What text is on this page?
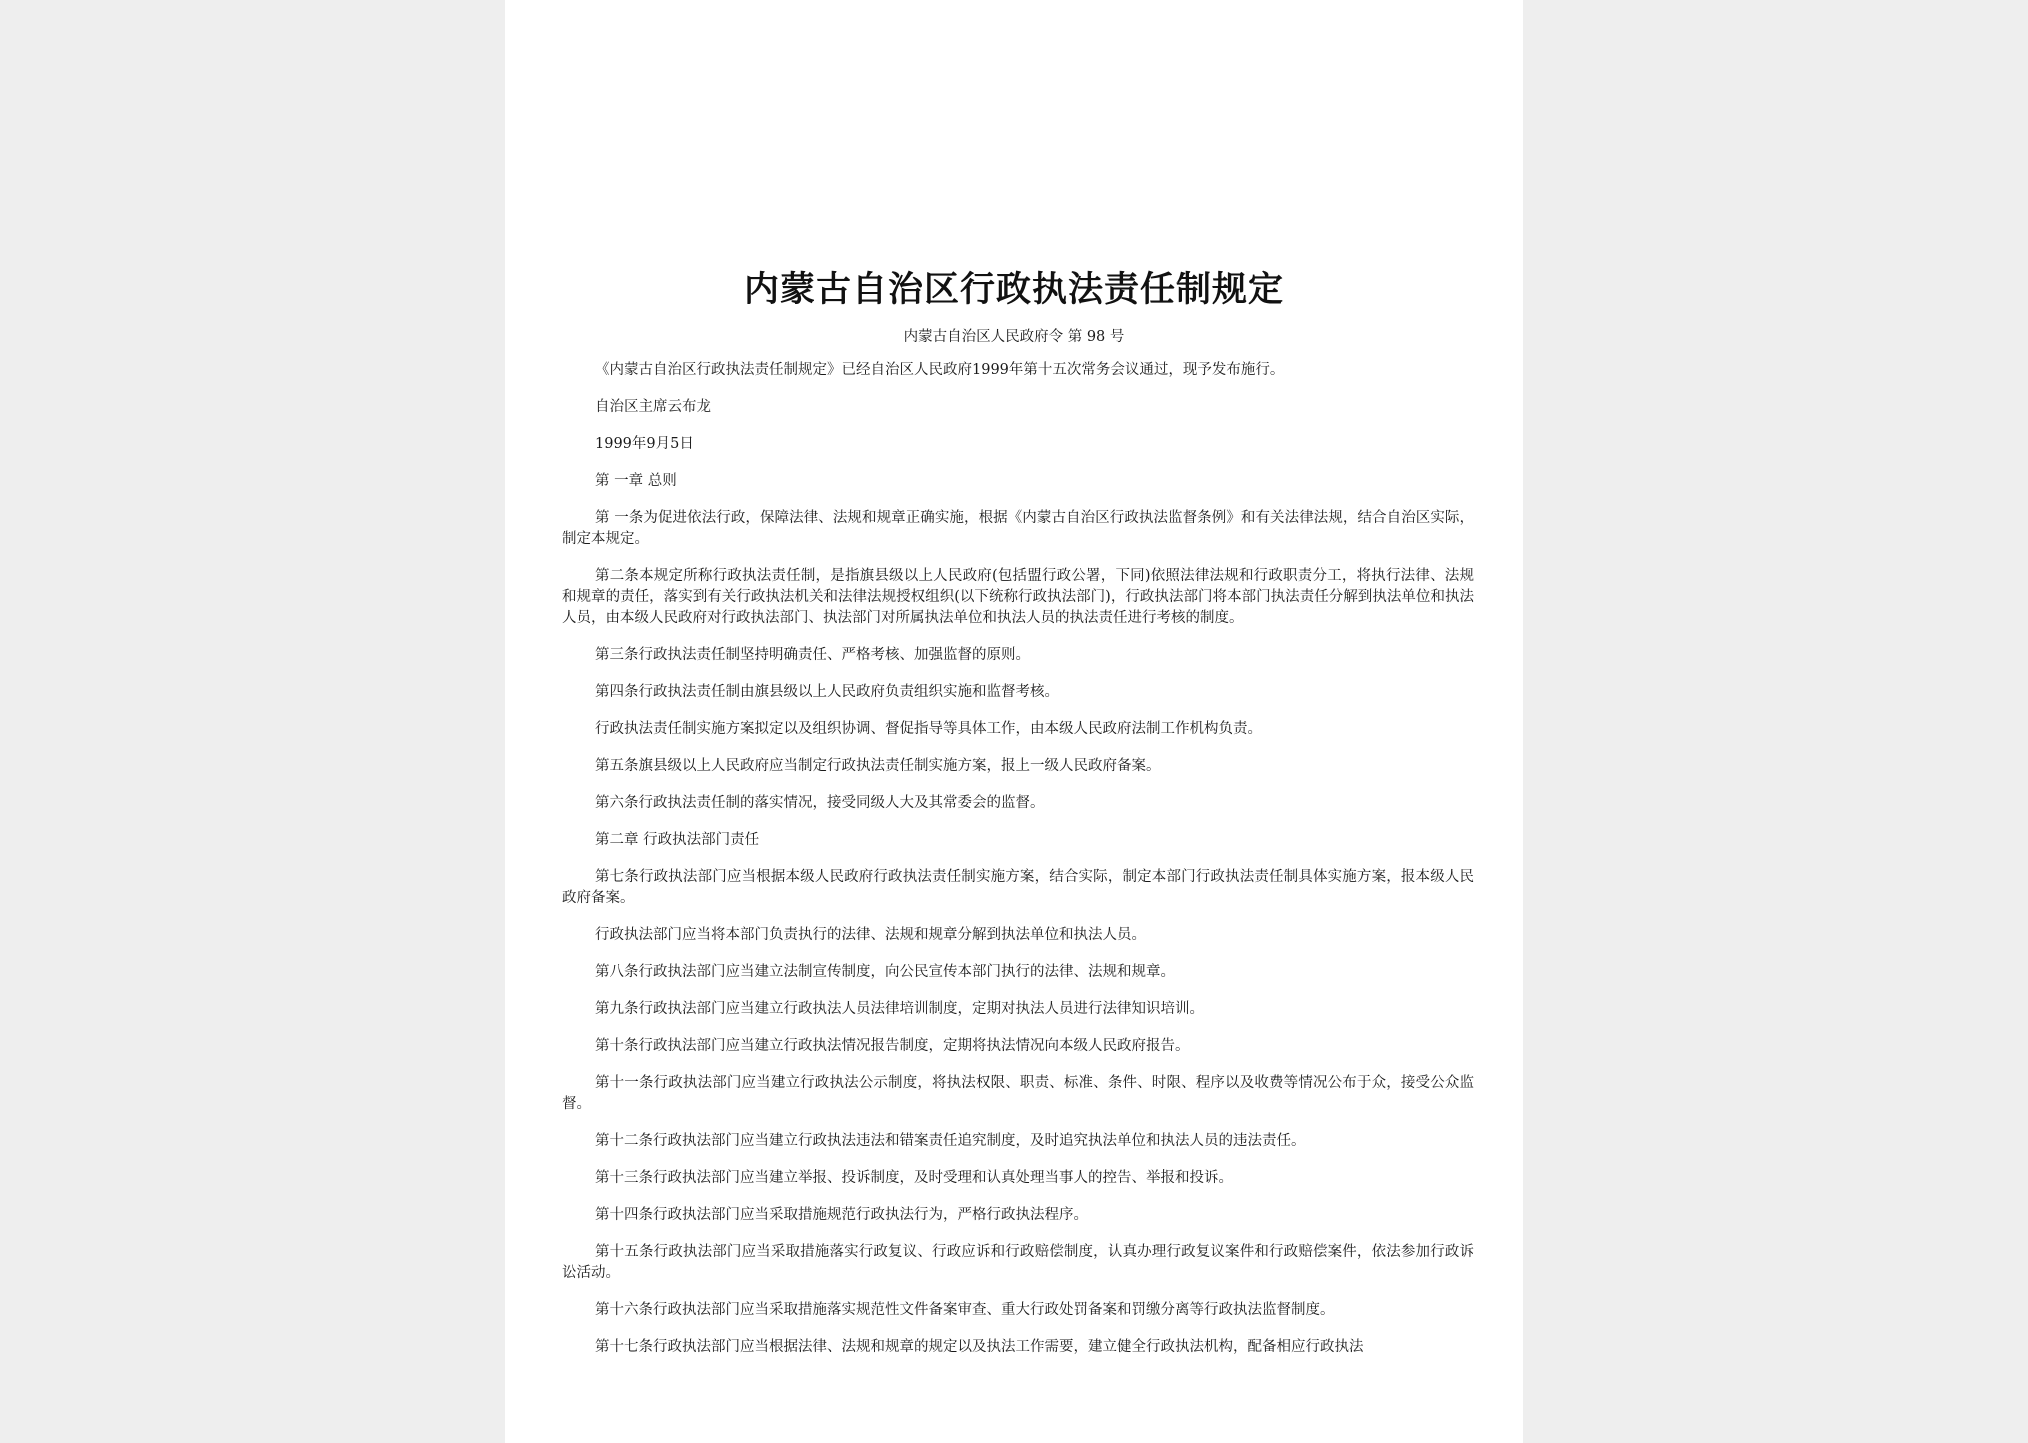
内蒙古自治区行政执法责任制规定
内蒙古自治区人民政府令 第 98 号

《内蒙古自治区行政执法责任制规定》已经自治区人民政府1999年第十五次常务会议通过，现予发布施行。

自治区主席云布龙

1999年9月5日

第 一章 总则

第 一条为促进依法行政，保障法律、法规和规章正确实施，根据《内蒙古自治区行政执法监督条例》和有关法律法规，结合自治区实际，制定本规定。

第二条本规定所称行政执法责任制，是指旗县级以上人民政府(包括盟行政公署，下同)依照法律法规和行政职责分工，将执行法律、法规和规章的责任，落实到有关行政执法机关和法律法规授权组织(以下统称行政执法部门)，行政执法部门将本部门执法责任分解到执法单位和执法人员，由本级人民政府对行政执法部门、执法部门对所属执法单位和执法人员的执法责任进行考核的制度。

第三条行政执法责任制坚持明确责任、严格考核、加强监督的原则。

第四条行政执法责任制由旗县级以上人民政府负责组织实施和监督考核。

行政执法责任制实施方案拟定以及组织协调、督促指导等具体工作，由本级人民政府法制工作机构负责。

第五条旗县级以上人民政府应当制定行政执法责任制实施方案，报上一级人民政府备案。

第六条行政执法责任制的落实情况，接受同级人大及其常委会的监督。

第二章 行政执法部门责任

第七条行政执法部门应当根据本级人民政府行政执法责任制实施方案，结合实际，制定本部门行政执法责任制具体实施方案，报本级人民政府备案。

行政执法部门应当将本部门负责执行的法律、法规和规章分解到执法单位和执法人员。

第八条行政执法部门应当建立法制宣传制度，向公民宣传本部门执行的法律、法规和规章。

第九条行政执法部门应当建立行政执法人员法律培训制度，定期对执法人员进行法律知识培训。

第十条行政执法部门应当建立行政执法情况报告制度，定期将执法情况向本级人民政府报告。

第十一条行政执法部门应当建立行政执法公示制度，将执法权限、职责、标准、条件、时限、程序以及收费等情况公布于众，接受公众监督。

第十二条行政执法部门应当建立行政执法违法和错案责任追究制度，及时追究执法单位和执法人员的违法责任。

第十三条行政执法部门应当建立举报、投诉制度，及时受理和认真处理当事人的控告、举报和投诉。

第十四条行政执法部门应当采取措施规范行政执法行为，严格行政执法程序。

第十五条行政执法部门应当采取措施落实行政复议、行政应诉和行政赔偿制度，认真办理行政复议案件和行政赔偿案件，依法参加行政诉讼活动。

第十六条行政执法部门应当采取措施落实规范性文件备案审查、重大行政处罚备案和罚缴分离等行政执法监督制度。

第十七条行政执法部门应当根据法律、法规和规章的规定以及执法工作需要，建立健全行政执法机构，配备相应行政执法
